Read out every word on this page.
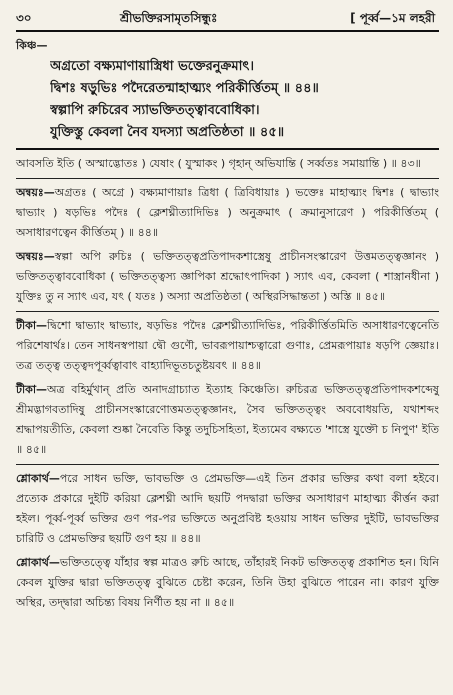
৩০	শ্রীভক্তিরসামৃতসিন্ধুঃ	[ পূর্ব্ব—১ম লহরী
কিঞ্চ—
অগ্রতো বক্ষ্যমাণায়াস্ত্রিধা ভক্তেরনুক্রমাৎ।
দ্বিশঃ ষড়ুভিঃ পদৈরেতন্মাহাত্ম্যং পরিকীর্ত্তিতম্ ॥ ৪৪॥
স্বল্পাপি রুচিরেব স্যাভক্তিতত্ত্বাববোধিকা।
যুক্তিস্তু কেবলা নৈব যদস্যা অপ্রতিষ্ঠতা ॥ ৪৫॥
আবসতি ইতি ( অস্মাদ্ভোতঃ ) যেষাং ( যুস্মাকং ) গৃহান্ অভিযান্তি ( সর্ব্বতঃ সমায়ান্তি ) ॥ ৪৩॥
অন্বয়ঃ—অগ্রতঃ ( অগ্রে ) বক্ষ্যমাণায়াঃ ত্রিধা ( ত্রিবিধায়াঃ ) ভক্তেঃ মাহাত্ম্যং দ্বিশঃ ( দ্বাভ্যাং দ্বাভ্যাং ) ষড়ভিঃ পদৈঃ ( ক্লেশঘ্নীত্যাদিভিঃ ) অনুক্রমাৎ ( ক্রমানুসারেণ ) পরিকীর্ত্তিতম্ ( অসাধারণত্বেন কীর্ত্তিতম্ ) ॥ ৪৪॥
অন্বয়ঃ—স্বল্পা অপি রুচিঃ ( ভক্তিতত্ত্বপ্রতিপাদকশাস্ত্রেষু প্রাচীনসংস্কারেণ উত্তমতত্ত্বজ্ঞানং ) ভক্তিতত্ত্বাববোধিকা ( ভক্তিতত্ত্বস্য জ্ঞাপিকা শ্রদ্ধোৎপাদিকা ) স্যাৎ এব, কেবলা ( শাস্ত্রানধীনা ) যুক্তিঃ তু ন স্যাৎ এব, যৎ ( যতঃ ) অস্যা অপ্রতিষ্ঠতা ( অস্থিরসিদ্ধান্ততা ) অস্তি ॥ ৪৫॥
টীকা—দ্বিশো দ্বাভ্যাং দ্বাভ্যাং, ষড়ভিঃ পদৈঃ ক্লেশঘ্নীত্যাদিভিঃ, পরিকীর্ত্তিতমিতি অসাধারণত্বেনেতি পরিশেষার্থঃ। তেন সাধনস্বপায়া দ্বৌ গুণৌ, ভাবরূপায়াশ্চত্বারো গুণাঃ, প্রেমরূপায়াঃ ষড়পি জ্ঞেয়াঃ। তত্র তত্ত্ব তত্ত্বদপূর্ব্বত্বাবাৎ বাহ্যাদিভূতচতুষ্টয়বৎ ॥ ৪৪॥
টীকা—অত্র বহির্মুখান্ প্রতি অনাদগ্রাচ্যাত ইত্যাহ কিঞ্চেতি। রুচিরত্র ভক্তিতত্ত্বপ্রতিপাদকশব্দেষু শ্রীমদ্ভাগবতাদিষু প্রাচীনসংস্কারেণোত্তমতত্ত্বজ্ঞানং, সৈব ভক্তিতত্ত্বং অববোধয়তি, যথাশব্দং শ্রদ্ধাপয়তীতি, কেবলা শুষ্কা নৈবেতি কিন্তু তদুচিসহিতা, ইত্যমেব বক্ষ্যতে 'শাস্ত্রে যুক্তৌ চ নিপুণ' ইতি ॥ ৪৫॥
শ্লোকার্থ—পরে সাধন ভক্তি, ভাবভক্তি ও প্রেমভক্তি—এই তিন প্রকার ভক্তির কথা বলা হইবে। প্রত্যেক প্রকারে দুইটি করিয়া ক্লেশঘ্নী আদি ছয়টি পদদ্বারা ভক্তির অসাধারণ মাহাত্ম্য কীর্ত্তন করা হইল। পূর্ব্ব-পূর্ব্ব ভক্তির গুণ পর-পর ভক্তিতে অনুপ্রবিষ্ট হওয়ায় সাধন ভক্তির দুইটি, ভাবভক্তির চারিটি ও প্রেমভক্তির ছয়টি গুণ হয় ॥ ৪৪॥
শ্লোকার্থ—ভক্তিতত্ত্বে যাঁহার স্বল্প মাত্রও রুচি আছে, তাঁহারই নিকট ভক্তিতত্ত্ব প্রকাশিত হন। যিনি কেবল যুক্তির দ্বারা ভক্তিতত্ত্ব বুঝিতে চেষ্টা করেন, তিনি উহা বুঝিতে পারেন না। কারণ যুক্তি অস্থির, তদ্দ্বারা অচিন্ত্য বিষয় নির্ণীত হয় না ॥ ৪৫॥
